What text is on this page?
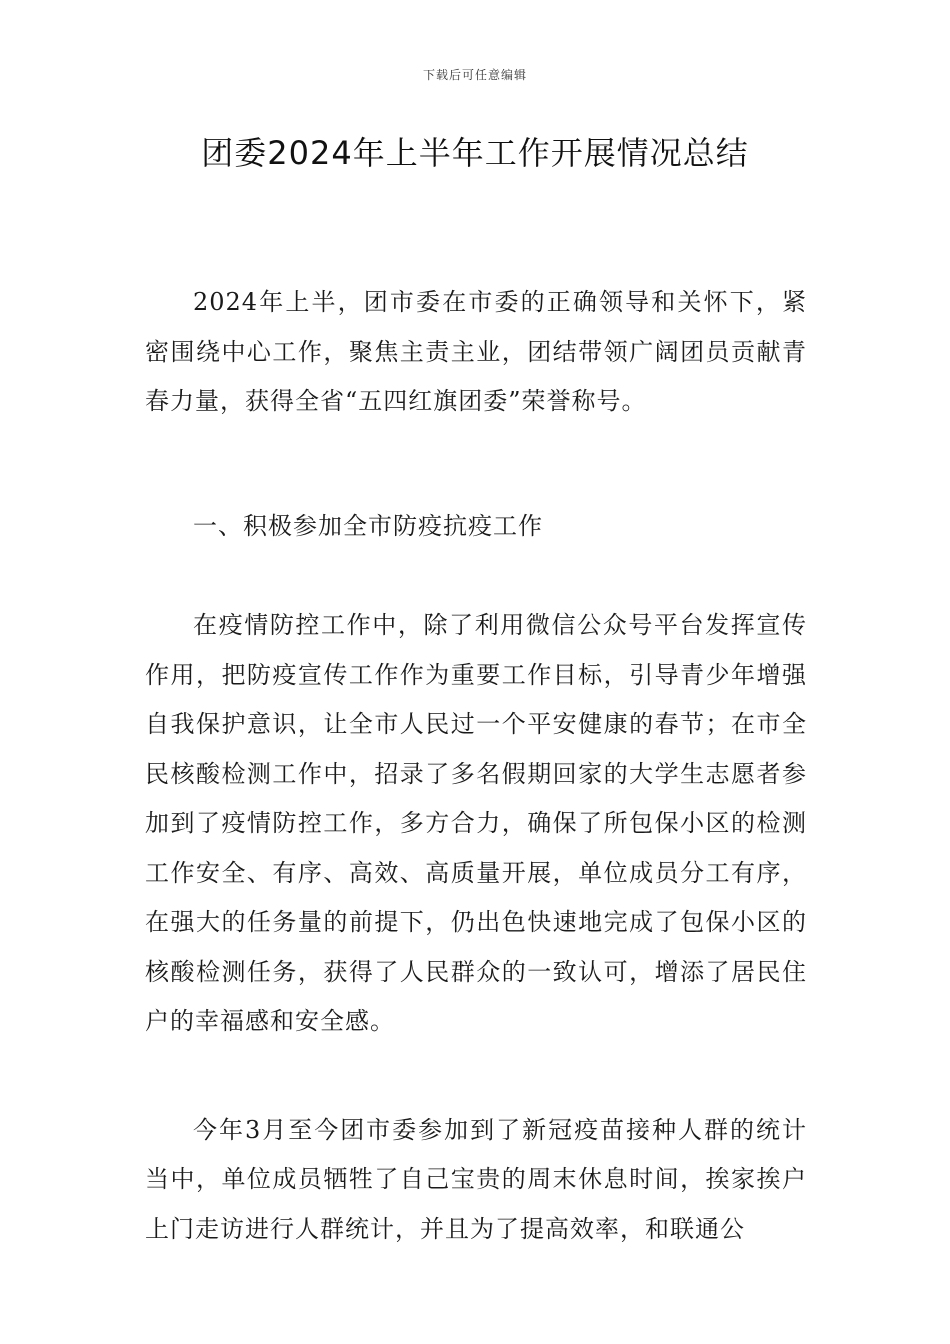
下载后可任意编辑
团委2024年上半年工作开展情况总结

2024年上半，团市委在市委的正确领导和关怀下，紧密围绕中心工作，聚焦主责主业，团结带领广阔团员贡献青春力量，获得全省“五四红旗团委”荣誉称号。

一、积极参加全市防疫抗疫工作

在疫情防控工作中，除了利用微信公众号平台发挥宣传作用，把防疫宣传工作作为重要工作目标，引导青少年增强自我保护意识，让全市人民过一个平安健康的春节；在市全民核酸检测工作中，招录了多名假期回家的大学生志愿者参加到了疫情防控工作，多方合力，确保了所包保小区的检测工作安全、有序、高效、高质量开展，单位成员分工有序，在强大的任务量的前提下，仍出色快速地完成了包保小区的核酸检测任务，获得了人民群众的一致认可，增添了居民住户的幸福感和安全感。

今年3月至今团市委参加到了新冠疫苗接种人群的统计当中，单位成员牺牲了自己宝贵的周末休息时间，挨家挨户上门走访进行人群统计，并且为了提高效率，和联通公
